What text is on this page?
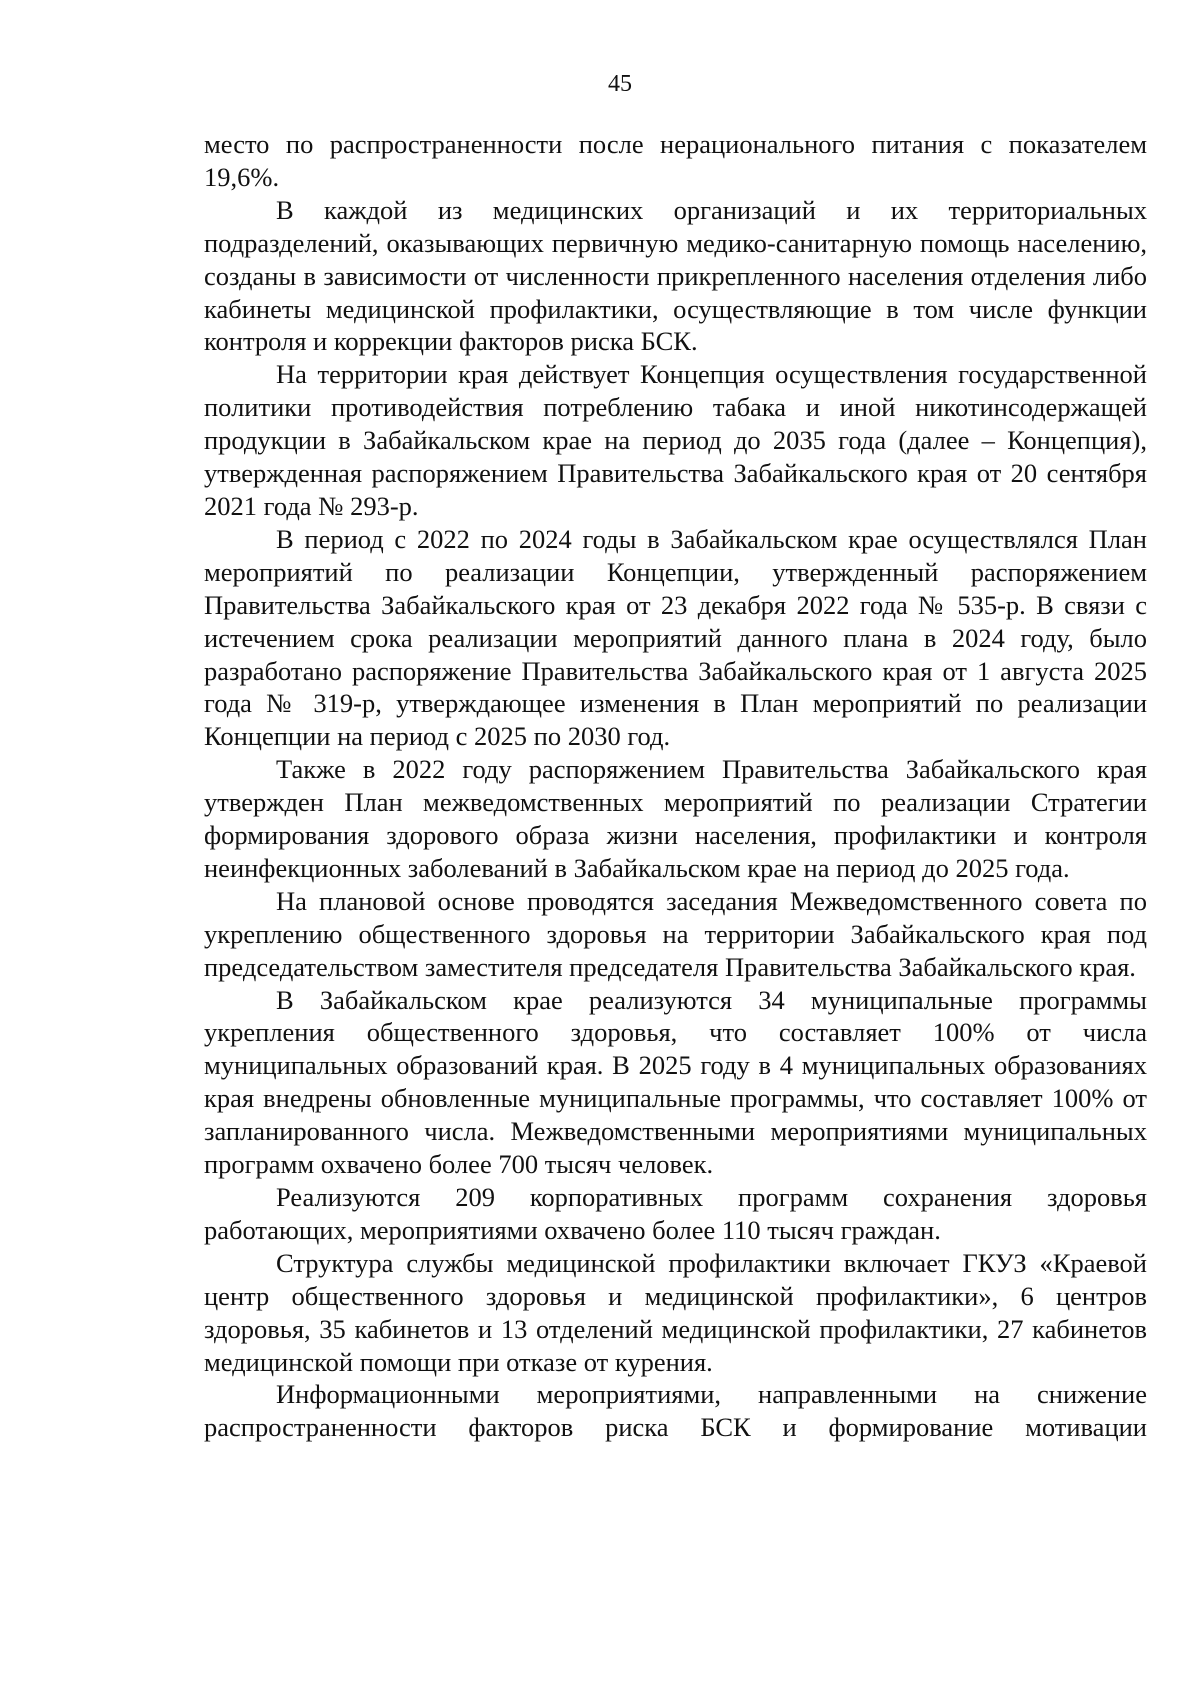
45

место по распространенности после нерационального питания с показателем 19,6%.

В каждой из медицинских организаций и их территориальных подразделений, оказывающих первичную медико-санитарную помощь населению, созданы в зависимости от численности прикрепленного населения отделения либо кабинеты медицинской профилактики, осуществляющие в том числе функции контроля и коррекции факторов риска БСК.

На территории края действует Концепция осуществления государственной политики противодействия потреблению табака и иной никотинсодержащей продукции в Забайкальском крае на период до 2035 года (далее – Концепция), утвержденная распоряжением Правительства Забайкальского края от 20 сентября 2021 года № 293-р.

В период с 2022 по 2024 годы в Забайкальском крае осуществлялся План мероприятий по реализации Концепции, утвержденный распоряжением Правительства Забайкальского края от 23 декабря 2022 года № 535-р. В связи с истечением срока реализации мероприятий данного плана в 2024 году, было разработано распоряжение Правительства Забайкальского края от 1 августа 2025 года № 319-р, утверждающее изменения в План мероприятий по реализации Концепции на период с 2025 по 2030 год.

Также в 2022 году распоряжением Правительства Забайкальского края утвержден План межведомственных мероприятий по реализации Стратегии формирования здорового образа жизни населения, профилактики и контроля неинфекционных заболеваний в Забайкальском крае на период до 2025 года.

На плановой основе проводятся заседания Межведомственного совета по укреплению общественного здоровья на территории Забайкальского края под председательством заместителя председателя Правительства Забайкальского края.

В Забайкальском крае реализуются 34 муниципальные программы укрепления общественного здоровья, что составляет 100% от числа муниципальных образований края. В 2025 году в 4 муниципальных образованиях края внедрены обновленные муниципальные программы, что составляет 100% от запланированного числа. Межведомственными мероприятиями муниципальных программ охвачено более 700 тысяч человек.

Реализуются 209 корпоративных программ сохранения здоровья работающих, мероприятиями охвачено более 110 тысяч граждан.

Структура службы медицинской профилактики включает ГКУЗ «Краевой центр общественного здоровья и медицинской профилактики», 6 центров здоровья, 35 кабинетов и 13 отделений медицинской профилактики, 27 кабинетов медицинской помощи при отказе от курения.

Информационными мероприятиями, направленными на снижение распространенности факторов риска БСК и формирование мотивации
